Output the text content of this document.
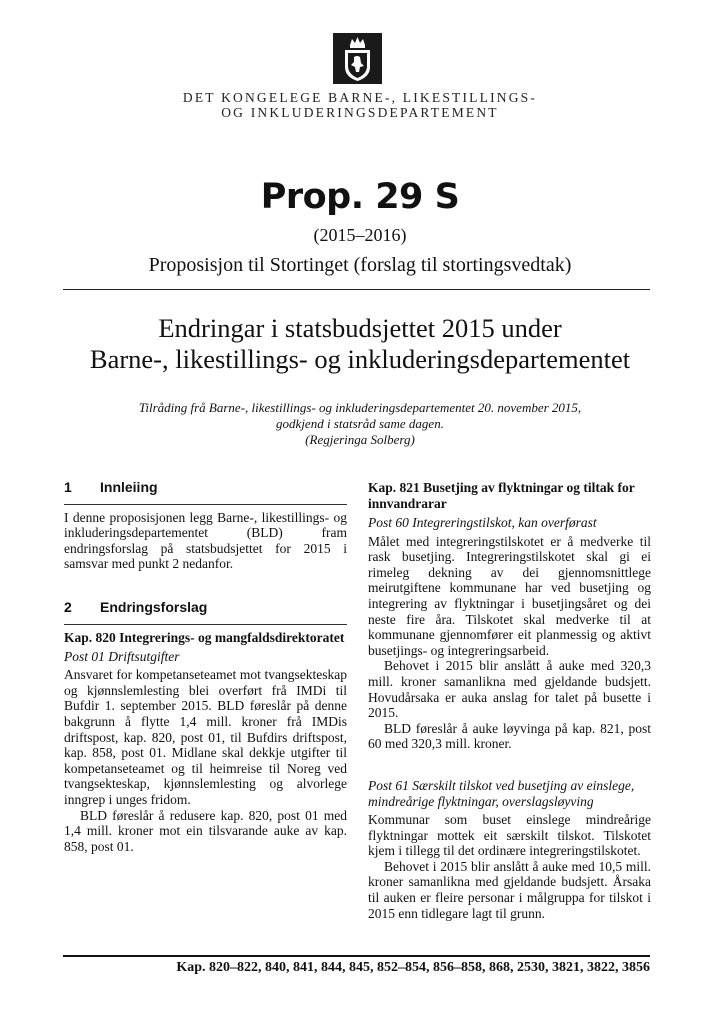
DET KONGELEGE BARNE-, LIKESTILLINGS-
OG INKLUDERINGSDEPARTEMENT
Prop. 29 S
(2015–2016)
Proposisjon til Stortinget (forslag til stortingsvedtak)
Endringar i statsbudsjettet 2015 under
Barne-, likestillings- og inkluderingsdepartementet
Tilråding frå Barne-, likestillings- og inkluderingsdepartementet 20. november 2015,
godkjend i statsråd same dagen.
(Regjeringa Solberg)
1 Innleiing

I denne proposisjonen legg Barne-, likestillings- og inkluderingsdepartementet (BLD) fram endringsforslag på statsbudsjettet for 2015 i samsvar med punkt 2 nedanfor.

2 Endringsforslag
Kap. 820 Integrerings- og mangfaldsdirektoratet
Post 01 Driftsutgifter

Ansvaret for kompetanseteamet mot tvangsekteskap og kjønnslemlesting blei overført frå IMDi til Bufdir 1. september 2015. BLD føreslår på denne bakgrunn å flytte 1,4 mill. kroner frå IMDis driftspost, kap. 820, post 01, til Bufdirs driftspost, kap. 858, post 01. Midlane skal dekkje utgifter til kompetanseteamet og til heimreise til Noreg ved tvangsekteskap, kjønnslemlesting og alvorlege inngrep i unges fridom.

BLD føreslår å redusere kap. 820, post 01 med 1,4 mill. kroner mot ein tilsvarande auke av kap. 858, post 01.

Kap. 821 Busetjing av flyktningar og tiltak for innvandrarar
Post 60 Integreringstilskot, kan overførast

Målet med integreringstilskotet er å medverke til rask busetjing. Integreringstilskotet skal gi ei rimeleg dekning av dei gjennomsnittlege meirutgiftene kommunane har ved busetjing og integrering av flyktningar i busetjingsåret og dei neste fire åra. Tilskotet skal medverke til at kommunane gjennomfører eit planmessig og aktivt busetjings- og integreringsarbeid.

Behovet i 2015 blir anslått å auke med 320,3 mill. kroner samanlikna med gjeldande budsjett. Hovudårsaka er auka anslag for talet på busette i 2015.

BLD føreslår å auke løyvinga på kap. 821, post 60 med 320,3 mill. kroner.

Post 61 Særskilt tilskot ved busetjing av einslege, mindreårige flyktningar, overslagsløyving

Kommunar som buset einslege mindreårige flyktningar mottek eit særskilt tilskot. Tilskotet kjem i tillegg til det ordinære integreringstilskotet.

Behovet i 2015 blir anslått å auke med 10,5 mill. kroner samanlikna med gjeldande budsjett. Årsaka til auken er fleire personar i målgruppa for tilskot i 2015 enn tidlegare lagt til grunn.

Kap. 820–822, 840, 841, 844, 845, 852–854, 856–858, 868, 2530, 3821, 3822, 3856
